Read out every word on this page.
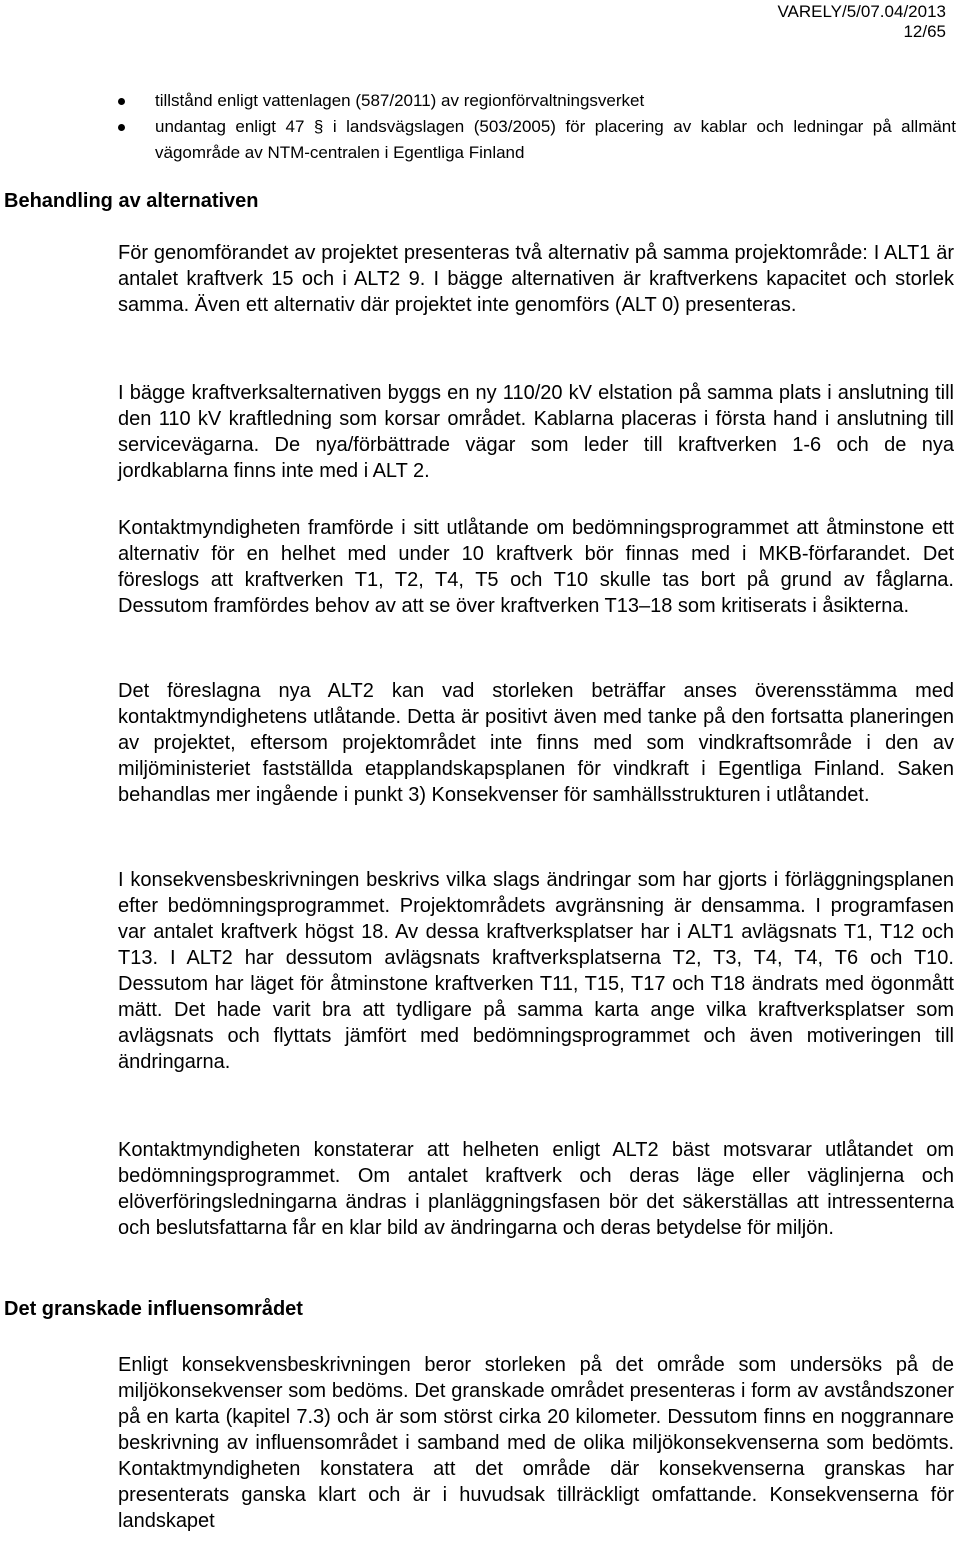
VARELY/5/07.04/2013
12/65
tillstånd enligt vattenlagen (587/2011) av regionförvaltningsverket
undantag enligt 47 § i landsvägslagen (503/2005) för placering av kablar och ledningar på allmänt vägområde av NTM-centralen i Egentliga Finland
Behandling av alternativen

För genomförandet av projektet presenteras två alternativ på samma projektområde: I ALT1 är antalet kraftverk 15 och i ALT2 9. I bägge alternativen är kraftverkens kapacitet och storlek samma. Även ett alternativ där projektet inte genomförs (ALT 0) presenteras.

I bägge kraftverksalternativen byggs en ny 110/20 kV elstation på samma plats i anslutning till den 110 kV kraftledning som korsar området. Kablarna placeras i första hand i anslutning till servicevägarna. De nya/förbättrade vägar som leder till kraftverken 1-6 och de nya jordkablarna finns inte med i ALT 2.

Kontaktmyndigheten framförde i sitt utlåtande om bedömningsprogrammet att åtminstone ett alternativ för en helhet med under 10 kraftverk bör finnas med i MKB-förfarandet. Det föreslogs att kraftverken T1, T2, T4, T5 och T10 skulle tas bort på grund av fåglarna. Dessutom framfördes behov av att se över kraftverken T13–18 som kritiserats i åsikterna.

Det föreslagna nya ALT2 kan vad storleken beträffar anses överensstämma med kontaktmyndighetens utlåtande. Detta är positivt även med tanke på den fortsatta planeringen av projektet, eftersom projektområdet inte finns med som vindkraftsområde i den av miljöministeriet fastställda etapplandskapsplanen för vindkraft i Egentliga Finland. Saken behandlas mer ingående i punkt 3) Konsekvenser för samhällsstrukturen i utlåtandet.

I konsekvensbeskrivningen beskrivs vilka slags ändringar som har gjorts i förläggningsplanen efter bedömningsprogrammet. Projektområdets avgränsning är densamma. I programfasen var antalet kraftverk högst 18. Av dessa kraftverksplatser har i ALT1 avlägsnats T1, T12 och T13. I ALT2 har dessutom avlägsnats kraftverksplatserna T2, T3, T4, T4, T6 och T10. Dessutom har läget för åtminstone kraftverken T11, T15, T17 och T18 ändrats med ögonmått mätt. Det hade varit bra att tydligare på samma karta ange vilka kraftverksplatser som avlägsnats och flyttats jämfört med bedömningsprogrammet och även motiveringen till ändringarna.

Kontaktmyndigheten konstaterar att helheten enligt ALT2 bäst motsvarar utlåtandet om bedömningsprogrammet. Om antalet kraftverk och deras läge eller väglinjerna och elöverföringsledningarna ändras i planläggningsfasen bör det säkerställas att intressenterna och beslutsfattarna får en klar bild av ändringarna och deras betydelse för miljön.

Det granskade influensområdet

Enligt konsekvensbeskrivningen beror storleken på det område som undersöks på de miljökonsekvenser som bedöms. Det granskade området presenteras i form av avståndszoner på en karta (kapitel 7.3) och är som störst cirka 20 kilometer. Dessutom finns en noggrannare beskrivning av influensområdet i samband med de olika miljökonsekvenserna som bedömts. Kontaktmyndigheten konstatera att det område där konsekvenserna granskas har presenterats ganska klart och är i huvudsak tillräckligt omfattande. Konsekvenserna för landskapet
